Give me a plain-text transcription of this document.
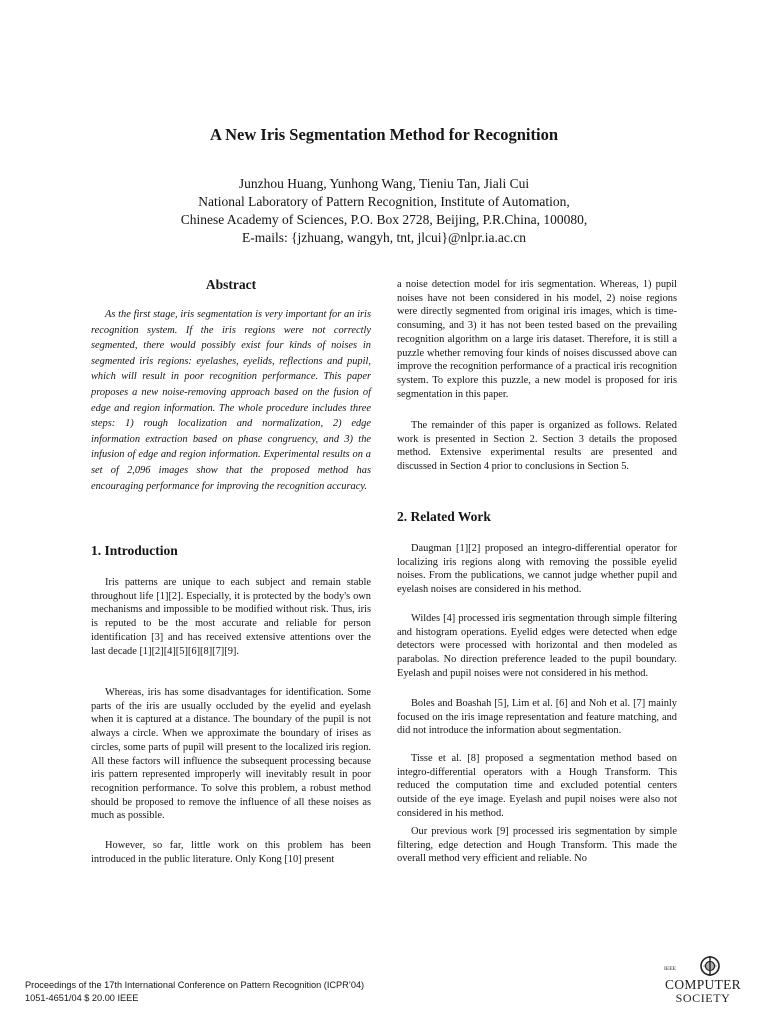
A New Iris Segmentation Method for Recognition
Junzhou Huang, Yunhong Wang, Tieniu Tan, Jiali Cui
National Laboratory of Pattern Recognition, Institute of Automation,
Chinese Academy of Sciences, P.O. Box 2728, Beijing, P.R.China, 100080,
E-mails: {jzhuang, wangyh, tnt, jlcui}@nlpr.ia.ac.cn
Abstract

As the first stage, iris segmentation is very important for an iris recognition system. If the iris regions were not correctly segmented, there would possibly exist four kinds of noises in segmented iris regions: eyelashes, eyelids, reflections and pupil, which will result in poor recognition performance. This paper proposes a new noise-removing approach based on the fusion of edge and region information. The whole procedure includes three steps: 1) rough localization and normalization, 2) edge information extraction based on phase congruency, and 3) the infusion of edge and region information. Experimental results on a set of 2,096 images show that the proposed method has encouraging performance for improving the recognition accuracy.

1. Introduction

Iris patterns are unique to each subject and remain stable throughout life [1][2]. Especially, it is protected by the body's own mechanisms and impossible to be modified without risk. Thus, iris is reputed to be the most accurate and reliable for person identification [3] and has received extensive attentions over the last decade [1][2][4][5][6][8][7][9].

Whereas, iris has some disadvantages for identification. Some parts of the iris are usually occluded by the eyelid and eyelash when it is captured at a distance. The boundary of the pupil is not always a circle. When we approximate the boundary of irises as circles, some parts of pupil will present to the localized iris region. All these factors will influence the subsequent processing because iris pattern represented improperly will inevitably result in poor recognition performance. To solve this problem, a robust method should be proposed to remove the influence of all these noises as much as possible.

However, so far, little work on this problem has been introduced in the public literature. Only Kong [10] present

a noise detection model for iris segmentation. Whereas, 1) pupil noises have not been considered in his model, 2) noise regions were directly segmented from original iris images, which is time-consuming, and 3) it has not been tested based on the prevailing recognition algorithm on a large iris dataset. Therefore, it is still a puzzle whether removing four kinds of noises discussed above can improve the recognition performance of a practical iris recognition system. To explore this puzzle, a new model is proposed for iris segmentation in this paper.

The remainder of this paper is organized as follows. Related work is presented in Section 2. Section 3 details the proposed method. Extensive experimental results are presented and discussed in Section 4 prior to conclusions in Section 5.

2. Related Work

Daugman [1][2] proposed an integro-differential operator for localizing iris regions along with removing the possible eyelid noises. From the publications, we cannot judge whether pupil and eyelash noises are considered in his method.

Wildes [4] processed iris segmentation through simple filtering and histogram operations. Eyelid edges were detected when edge detectors were processed with horizontal and then modeled as parabolas. No direction preference leaded to the pupil boundary. Eyelash and pupil noises were not considered in his method.

Boles and Boashah [5], Lim et al. [6] and Noh et al. [7] mainly focused on the iris image representation and feature matching, and did not introduce the information about segmentation.

Tisse et al. [8] proposed a segmentation method based on integro-differential operators with a Hough Transform. This reduced the computation time and excluded potential centers outside of the eye image. Eyelash and pupil noises were also not considered in his method.

Our previous work [9] processed iris segmentation by simple filtering, edge detection and Hough Transform. This made the overall method very efficient and reliable. No

Proceedings of the 17th International Conference on Pattern Recognition (ICPR’04)
1051-4651/04 $ 20.00 IEEE
IEEE
COMPUTER
SOCIETY
